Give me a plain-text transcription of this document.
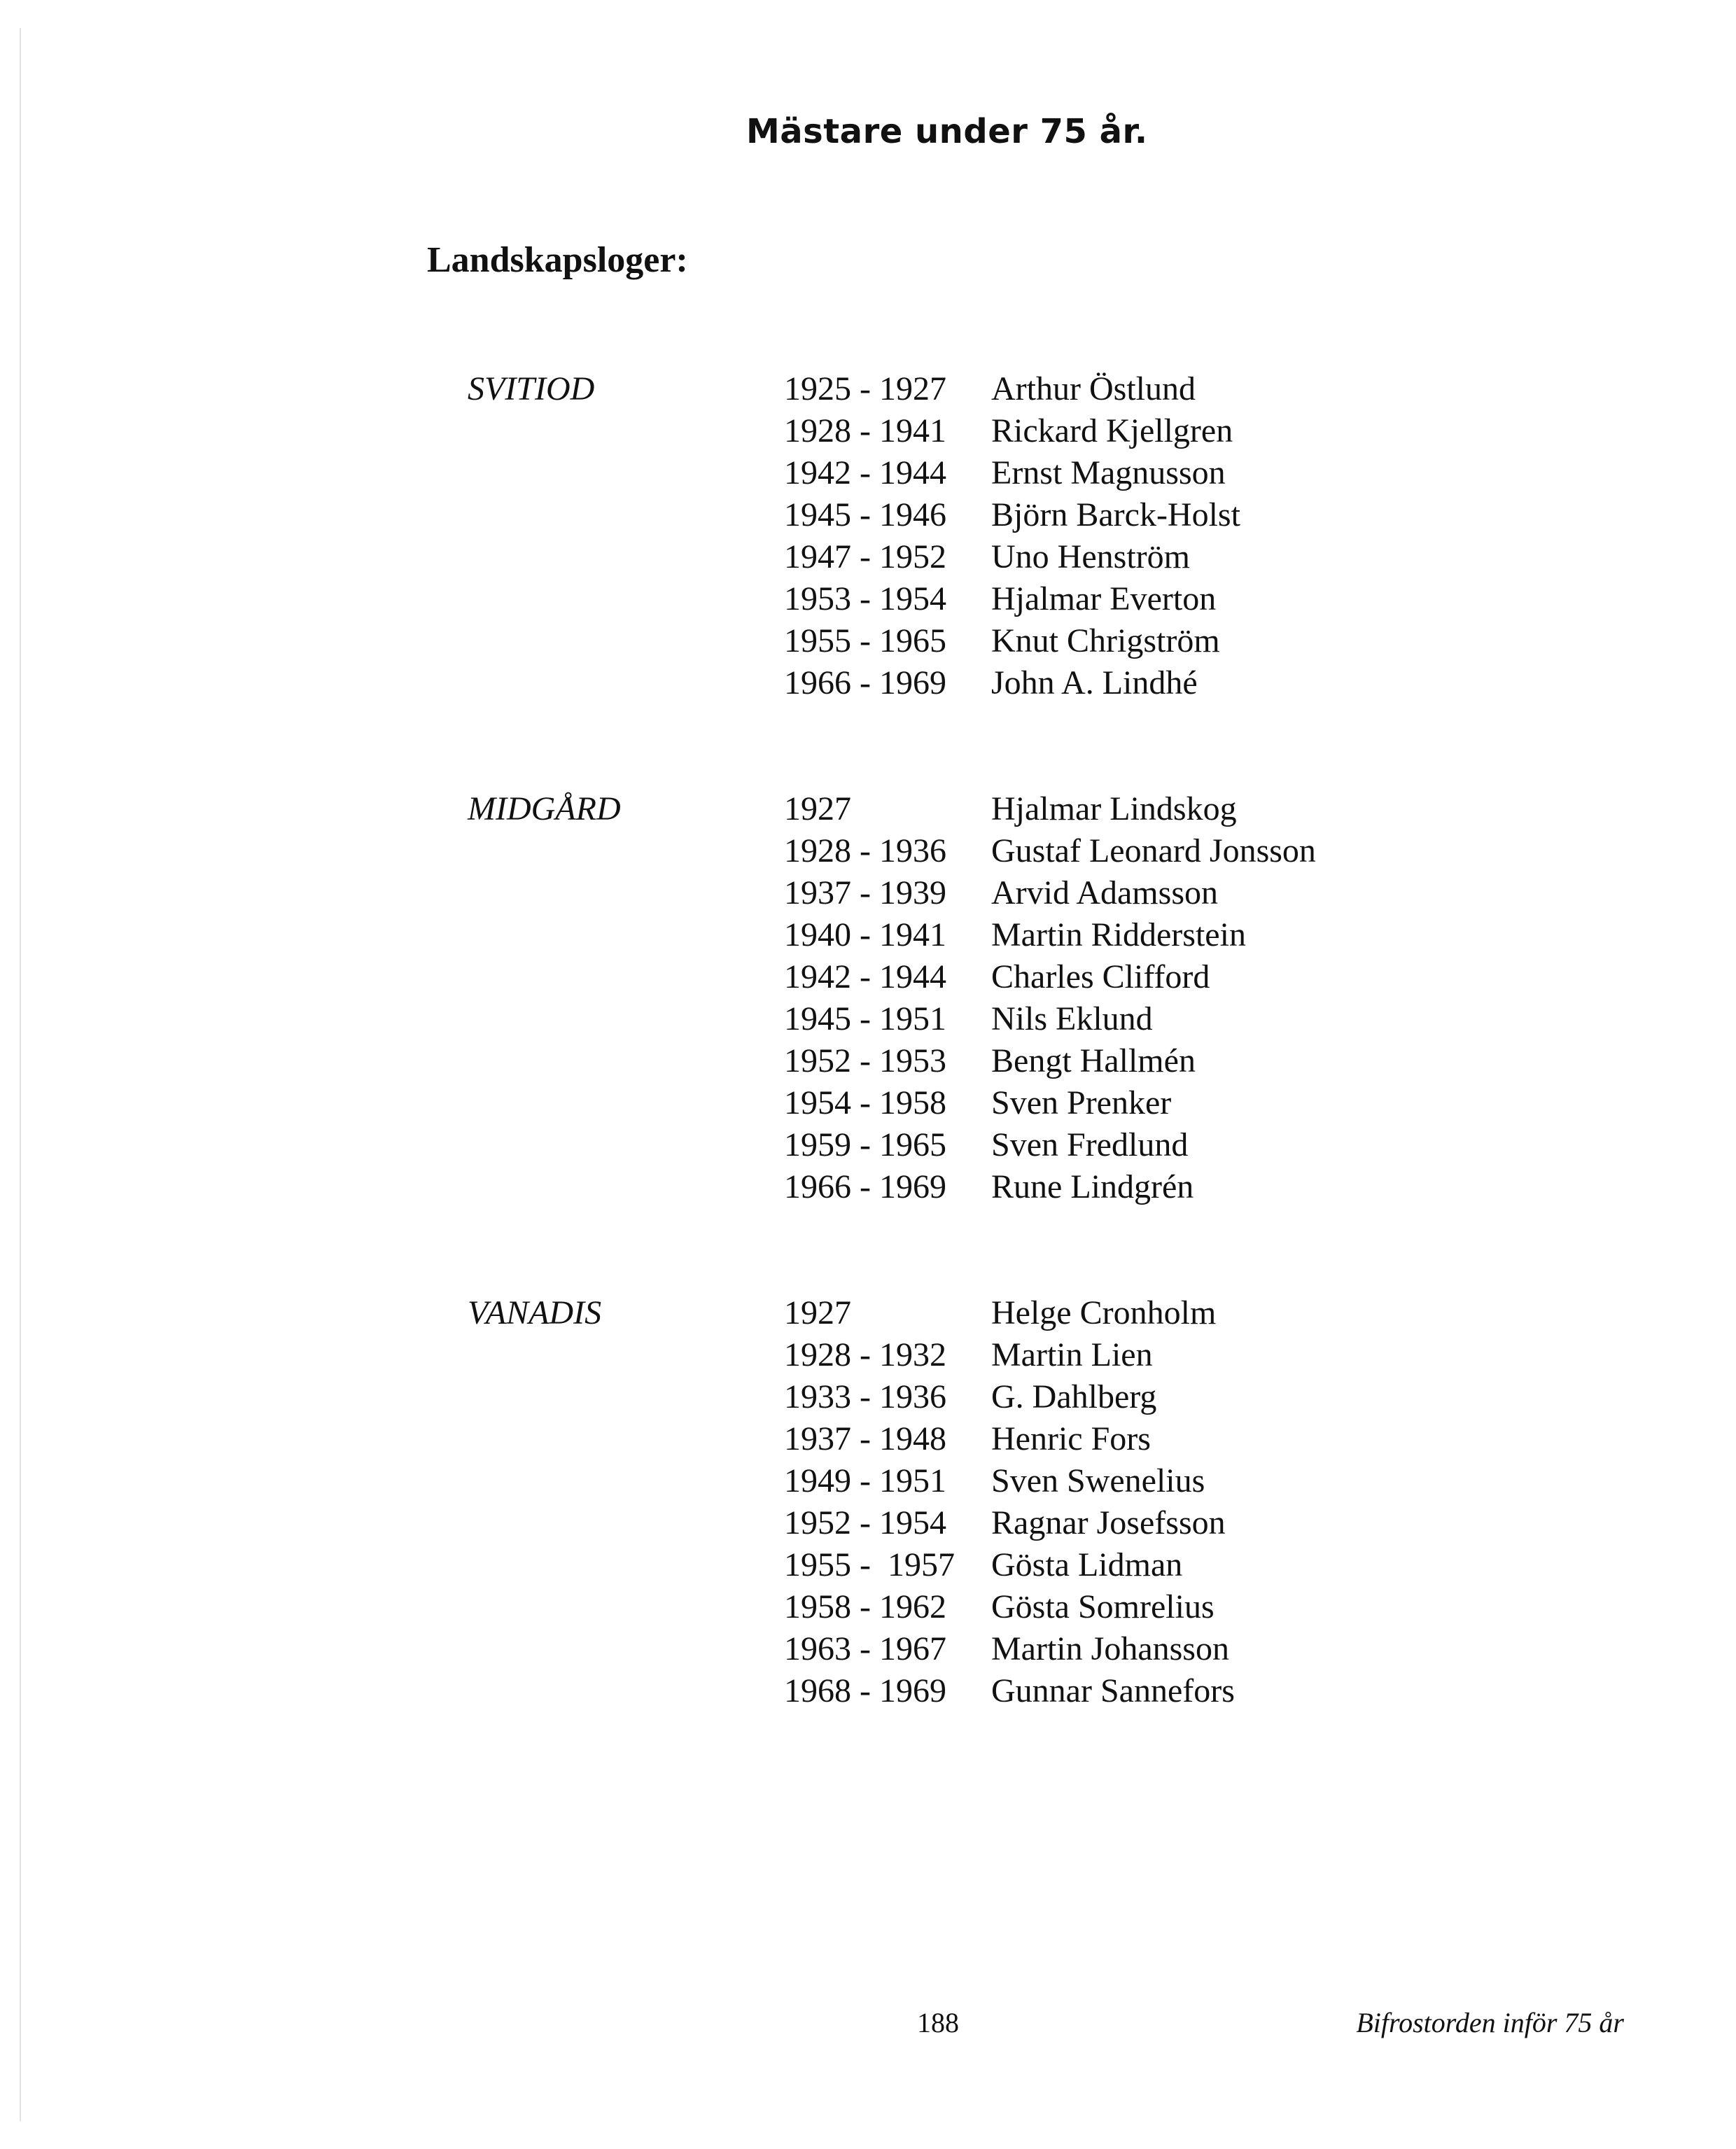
Mästare under 75 år.
Landskapsloger:
SVITIOD	1925 - 1927	Arthur Östlund
1928 - 1941	Rickard Kjellgren
1942 - 1944	Ernst Magnusson
1945 - 1946	Björn Barck-Holst
1947 - 1952	Uno Henström
1953 - 1954	Hjalmar Everton
1955 - 1965	Knut Chrigström
1966 - 1969	John A. Lindhé
MIDGÅRD	1927	Hjalmar Lindskog
1928 - 1936	Gustaf Leonard Jonsson
1937 - 1939	Arvid Adamsson
1940 - 1941	Martin Ridderstein
1942 - 1944	Charles Clifford
1945 - 1951	Nils Eklund
1952 - 1953	Bengt Hallmén
1954 - 1958	Sven Prenker
1959 - 1965	Sven Fredlund
1966 - 1969	Rune Lindgrén
VANADIS	1927	Helge Cronholm
1928 - 1932	Martin Lien
1933 - 1936	G. Dahlberg
1937 - 1948	Henric Fors
1949 - 1951	Sven Swenelius
1952 - 1954	Ragnar Josefsson
1955 -  1957	Gösta Lidman
1958 - 1962	Gösta Somrelius
1963 - 1967	Martin Johansson
1968 - 1969	Gunnar Sannefors
188	Bifrostorden inför 75 år
